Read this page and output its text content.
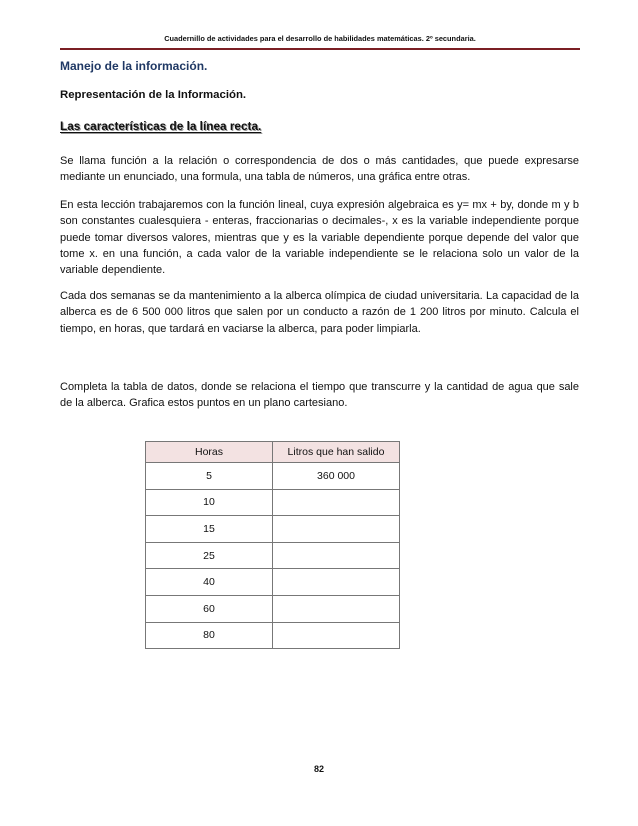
Cuadernillo de actividades para el desarrollo de habilidades matemáticas. 2º secundaria.
Manejo de la información.
Representación de la Información.
Las características de la línea recta.

Se llama función a la relación o correspondencia de dos o más cantidades, que puede expresarse mediante un enunciado, una formula, una tabla de números, una gráfica entre otras.

En esta lección trabajaremos con la función lineal, cuya expresión algebraica es y= mx + by, donde m y b son constantes cualesquiera - enteras, fraccionarias o decimales-, x es la variable independiente porque puede tomar diversos valores, mientras que y es la variable dependiente porque depende del valor que tome x. en una función, a cada valor de la variable independiente se le relaciona solo un valor de la variable dependiente.

Cada dos semanas se da mantenimiento a la alberca olímpica de ciudad universitaria. La capacidad de la alberca es de 6 500 000 litros que salen por un conducto a razón de 1 200 litros por minuto. Calcula el tiempo, en horas, que tardará en vaciarse la alberca, para poder limpiarla.

Completa la tabla de datos, donde se relaciona el tiempo que transcurre y la cantidad de agua que sale de la alberca. Grafica estos puntos en un plano cartesiano.

Horas	Litros que han salido
5	360 000
10	
15	
25	
40	
60	
80	
82
